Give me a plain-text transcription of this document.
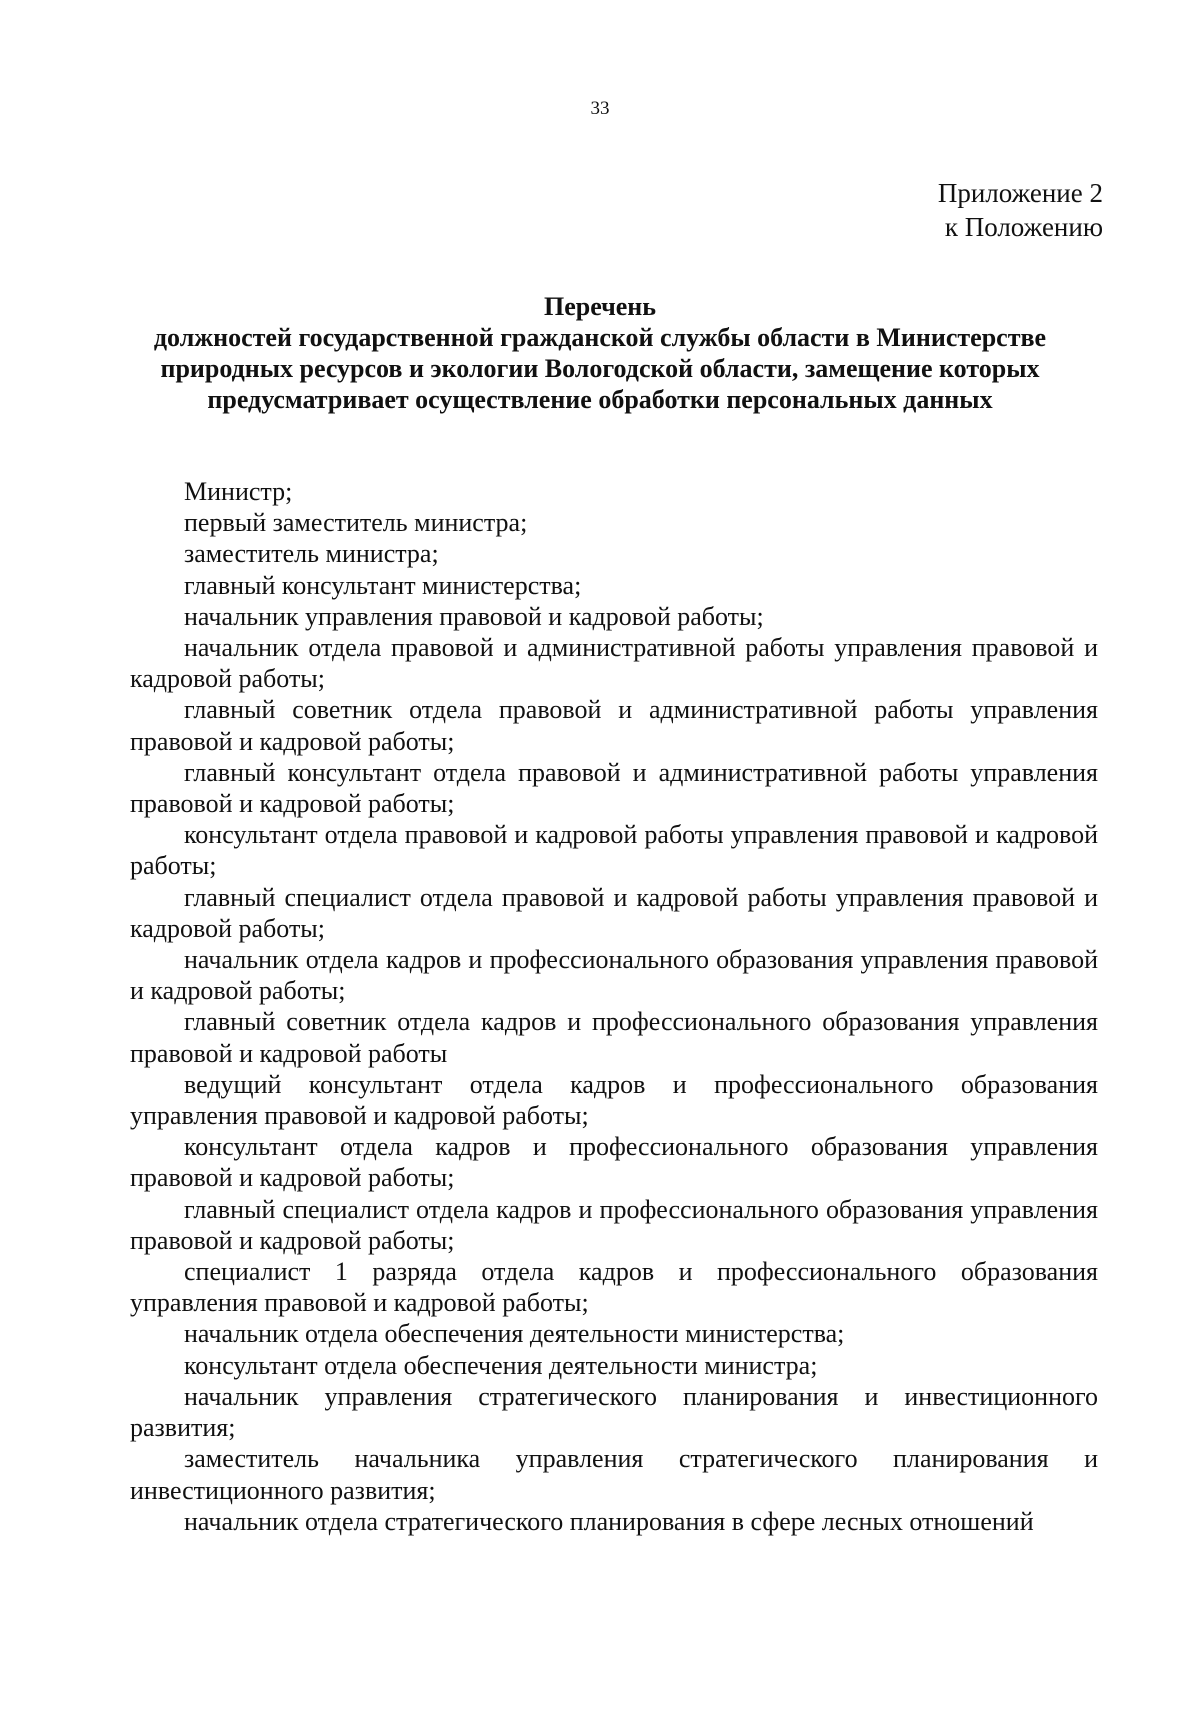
33
Приложение 2
к Положению
Перечень
должностей государственной гражданской службы области в Министерстве
природных ресурсов и экологии Вологодской области, замещение которых
предусматривает осуществление обработки персональных данных

Министр;

первый заместитель министра;

заместитель министра;

главный консультант министерства;

начальник управления правовой и кадровой работы;

начальник отдела правовой и административной работы управления правовой и кадровой работы;

главный советник отдела правовой и административной работы управления правовой и кадровой работы;

главный консультант отдела правовой и административной работы управления правовой и кадровой работы;

консультант отдела правовой и кадровой работы управления правовой и кадровой работы;

главный специалист отдела правовой и кадровой работы управления правовой и кадровой работы;

начальник отдела кадров и профессионального образования управления правовой и кадровой работы;

главный советник отдела кадров и профессионального образования управления правовой и кадровой работы

ведущий консультант отдела кадров и профессионального образования управления правовой и кадровой работы;

консультант отдела кадров и профессионального образования управления правовой и кадровой работы;

главный специалист отдела кадров и профессионального образования управления правовой и кадровой работы;

специалист 1 разряда отдела кадров и профессионального образования управления правовой и кадровой работы;

начальник отдела обеспечения деятельности министерства;

консультант отдела обеспечения деятельности министра;

начальник управления стратегического планирования и инвестиционного развития;

заместитель начальника управления стратегического планирования и инвестиционного развития;

начальник отдела стратегического планирования в сфере лесных отношений
